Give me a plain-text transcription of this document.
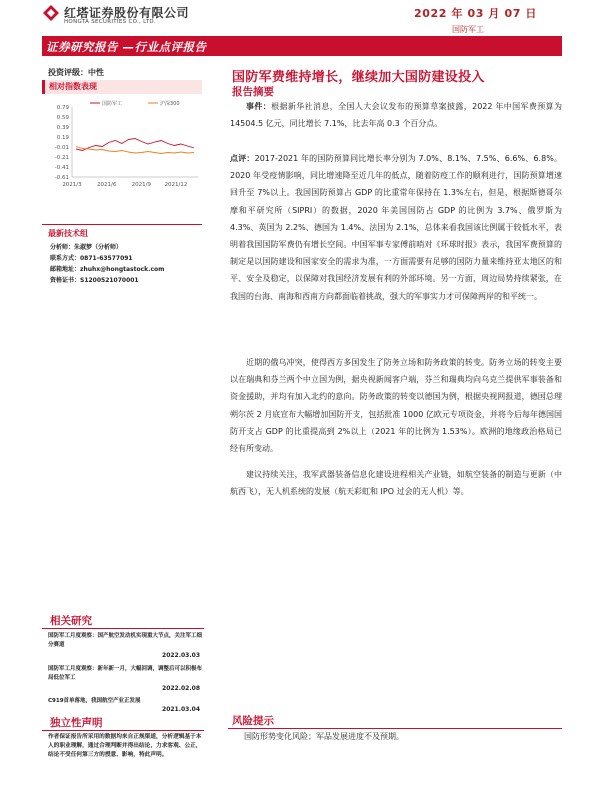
红塔证券股份有限公司
HONGTA SECURITIES CO., LTD.
2022 年 03 月 07 日
国防军工
证券研究报告 —行业点评报告
投资评级：中性
相对指数表现
0.79
0.59
0.39
0.19
-0.01
-0.21
-0.41
-0.61
2021/3	2021/6	2021/9 2021/12
国防军工	沪深300
最新技术组
分析师：朱淑梦（分析师）
联系方式：0871-63577091
邮箱地址：zhuhx@hongtastock.com
资格证书：S1200521070001
相关研究
国防军工月度观察：国产航空发动机实现重大节点，关注军工细分赛道
2022.03.03
国防军工月度观察：新年新一月，大幅回调，调整后可以积极布局低位军工
2022.02.08
C919首单落地，我国航空产业正发展
2021.03.04
独立性声明
作者保证报告所采用的数据均来自正规渠道，分析逻辑基于本人的职业理解，通过合理判断并得出结论，力求客观、公正，结论不受任何第三方的授意、影响，特此声明。
国防军费维持增长，继续加大国防建设投入
报告摘要
事件：根据新华社消息，全国人大会议发布的预算草案披露，2022 年中国军费预算为 14504.5 亿元，同比增长 7.1%，比去年高 0.3 个百分点。
点评：2017-2021 年的国防预算同比增长率分别为 7.0%、8.1%、7.5%、6.6%、6.8%。2020 年受疫情影响，同比增速降至近几年的低点，随着防疫工作的顺利进行，国防预算增速回升至 7%以上。我国国防预算占 GDP 的比重常年保持在 1.3%左右，但是，根据斯德哥尔摩和平研究所（SIPRI）的数据，2020 年美国国防占 GDP 的比例为 3.7%、俄罗斯为 4.3%、英国为 2.2%、德国为 1.4%、法国为 2.1%，总体来看我国该比例属于较低水平，表明着我国国防军费仍有增长空间。中国军事专家傅前哨对《环球时报》表示，我国军费预算的制定是以国防建设和国家安全的需求为准，一方面需要有足够的国防力量来维持亚太地区的和平、安全及稳定，以保障对我国经济发展有利的外部环境。另一方面，周边局势持续紧张，在我国的台海、南海和西南方向都面临着挑战，强大的军事实力才可保障两岸的和平统一。
近期的俄乌冲突，使得西方多国发生了防务立场和防务政策的转变。防务立场的转变主要以在瑞典和芬兰两个中立国为例，据央视新闻客户端，芬兰和瑞典均向乌克兰提供军事装备和资金援助，并均有加入北约的意向。防务政策的转变以德国为例，根据央视网报道，德国总理朔尔茨 2 月底宣布大幅增加国防开支，包括批准 1000 亿欧元专项资金，并将今后每年德国国防开支占 GDP 的比重提高到 2%以上（2021 年的比例为 1.53%）。欧洲的地缘政治格局已经有所变动。
建议持续关注，我军武器装备信息化建设进程相关产业链，如航空装备的制造与更新（中航西飞），无人机系统的发展（航天彩虹和 IPO 过会的无人机）等。
风险提示
国防形势变化风险；军品发展进度不及预期。
